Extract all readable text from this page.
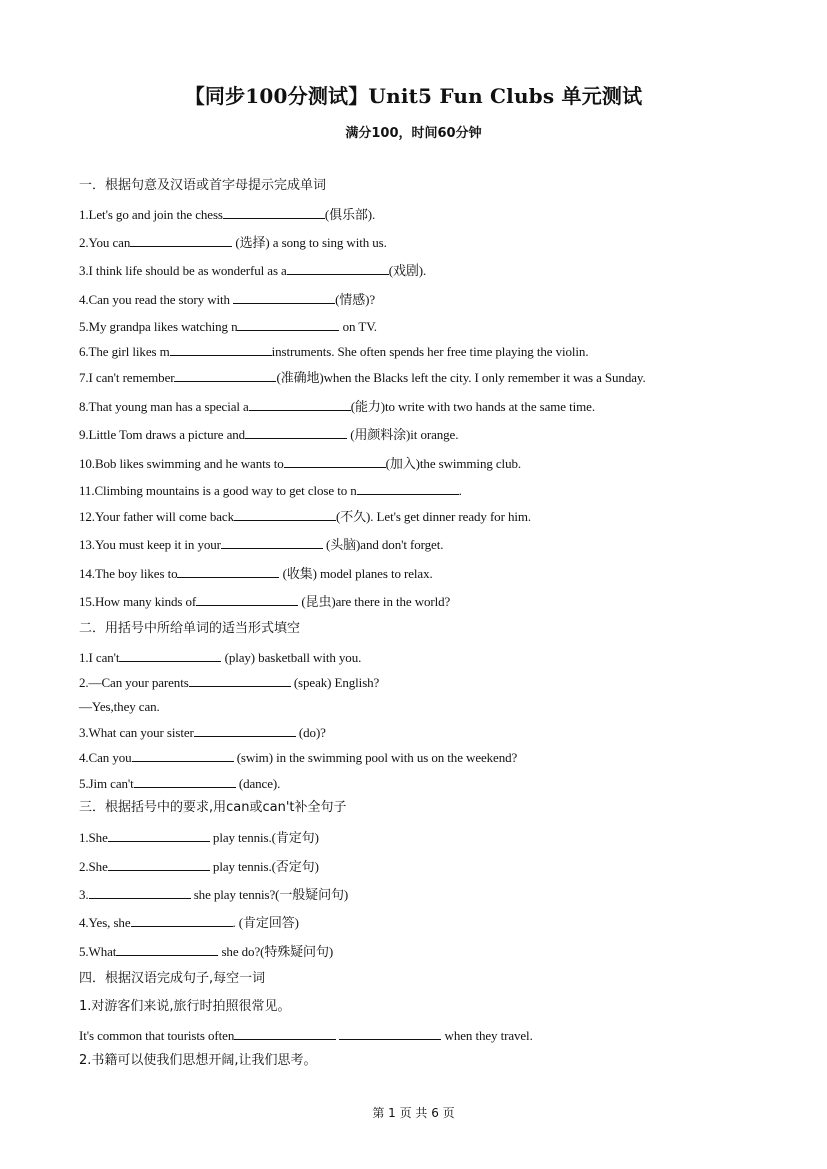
【同步100分测试】Unit5 Fun Clubs 单元测试
满分100，时间60分钟
一．根据句意及汉语或首字母提示完成单词
1.Let's go and join the chess	(俱乐部).
2.You can	(选择) a song to sing with us.
3.I think life should be as wonderful as a	(戏剧).
4.Can you read the story with	(情感)?
5.My grandpa likes watching n	on TV.
6.The girl likes m	instruments. She often spends her free time playing the violin.
7.I can't remember	(准确地)when the Blacks left the city. I only remember it was a Sunday.
8.That young man has a special a	(能力)to write with two hands at the same time.
9.Little Tom draws a picture and	(用颜料涂)it orange.
10.Bob likes swimming and he wants to	(加入)the swimming club.
11.Climbing mountains is a good way to get close to n	.
12.Your father will come back	(不久). Let's get dinner ready for him.
13.You must keep it in your	(头脑)and don't forget.
14.The boy likes to	(收集) model planes to relax.
15.How many kinds of	(昆虫)are there in the world?
二．用括号中所给单词的适当形式填空
1.I can't	(play) basketball with you.
2.—Can your parents	(speak) English?
—Yes,they can.
3.What can your sister	(do)?
4.Can you	(swim) in the swimming pool with us on the weekend?
5.Jim can't	(dance).
三．根据括号中的要求,用can或can't补全句子
1.She	play tennis.(肯定句)
2.She	play tennis.(否定句)
3.	she play tennis?(一般疑问句)
4.Yes, she	. (肯定回答)
5.What	she do?(特殊疑问句)
四．根据汉语完成句子,每空一词
1.对游客们来说,旅行时拍照很常见。
It's common that tourists often	when they travel.
2.书籍可以使我们思想开阔,让我们思考。
第 1 页 共 6 页
